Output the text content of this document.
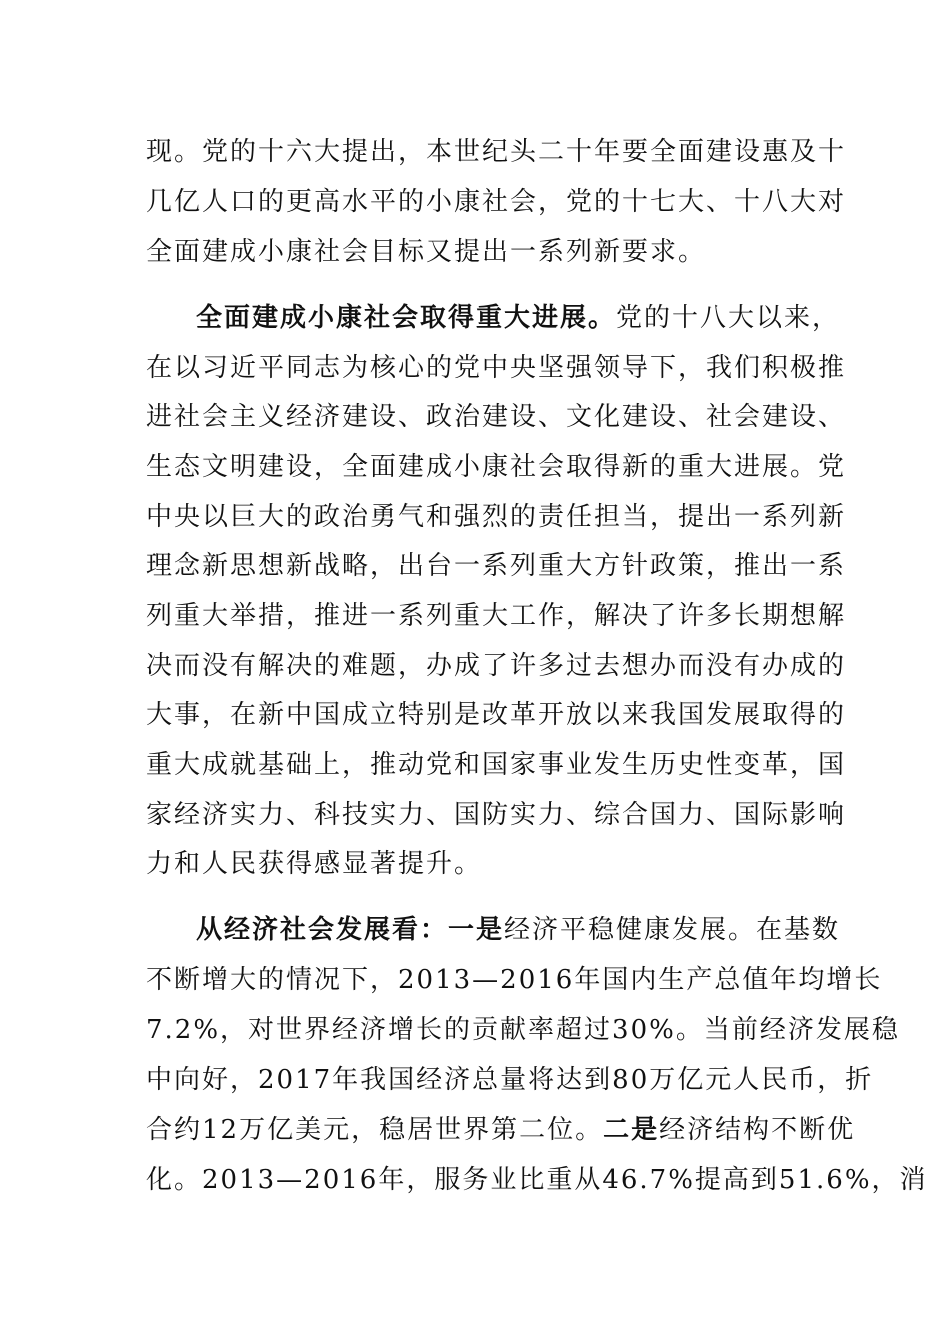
现。党的十六大提出，本世纪头二十年要全面建设惠及十
几亿人口的更高水平的小康社会，党的十七大、十八大对
全面建成小康社会目标又提出一系列新要求。
全面建成小康社会取得重大进展。党的十八大以来，
在以习近平同志为核心的党中央坚强领导下，我们积极推
进社会主义经济建设、政治建设、文化建设、社会建设、
生态文明建设，全面建成小康社会取得新的重大进展。党
中央以巨大的政治勇气和强烈的责任担当，提出一系列新
理念新思想新战略，出台一系列重大方针政策，推出一系
列重大举措，推进一系列重大工作，解决了许多长期想解
决而没有解决的难题，办成了许多过去想办而没有办成的
大事，在新中国成立特别是改革开放以来我国发展取得的
重大成就基础上，推动党和国家事业发生历史性变革，国
家经济实力、科技实力、国防实力、综合国力、国际影响
力和人民获得感显著提升。
从经济社会发展看：一是经济平稳健康发展。在基数
不断增大的情况下，2013—2016年国内生产总值年均增长
7.2%，对世界经济增长的贡献率超过30%。当前经济发展稳
中向好，2017年我国经济总量将达到80万亿元人民币，折
合约12万亿美元，稳居世界第二位。二是经济结构不断优
化。2013—2016年，服务业比重从46.7%提高到51.6%，消
